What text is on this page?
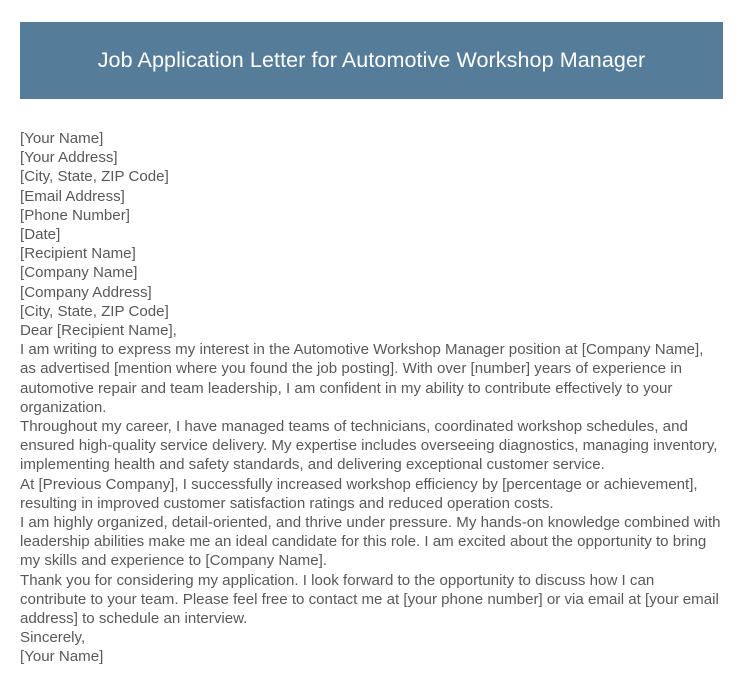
Job Application Letter for Automotive Workshop Manager
[Your Name]
[Your Address]
[City, State, ZIP Code]
[Email Address]
[Phone Number]
[Date]
[Recipient Name]
[Company Name]
[Company Address]
[City, State, ZIP Code]
Dear [Recipient Name],

I am writing to express my interest in the Automotive Workshop Manager position at [Company Name], as advertised [mention where you found the job posting]. With over [number] years of experience in automotive repair and team leadership, I am confident in my ability to contribute effectively to your organization.

Throughout my career, I have managed teams of technicians, coordinated workshop schedules, and ensured high-quality service delivery. My expertise includes overseeing diagnostics, managing inventory, implementing health and safety standards, and delivering exceptional customer service.

At [Previous Company], I successfully increased workshop efficiency by [percentage or achievement], resulting in improved customer satisfaction ratings and reduced operation costs.

I am highly organized, detail-oriented, and thrive under pressure. My hands-on knowledge combined with leadership abilities make me an ideal candidate for this role. I am excited about the opportunity to bring my skills and experience to [Company Name].

Thank you for considering my application. I look forward to the opportunity to discuss how I can contribute to your team. Please feel free to contact me at [your phone number] or via email at [your email address] to schedule an interview.

Sincerely,
[Your Name]
